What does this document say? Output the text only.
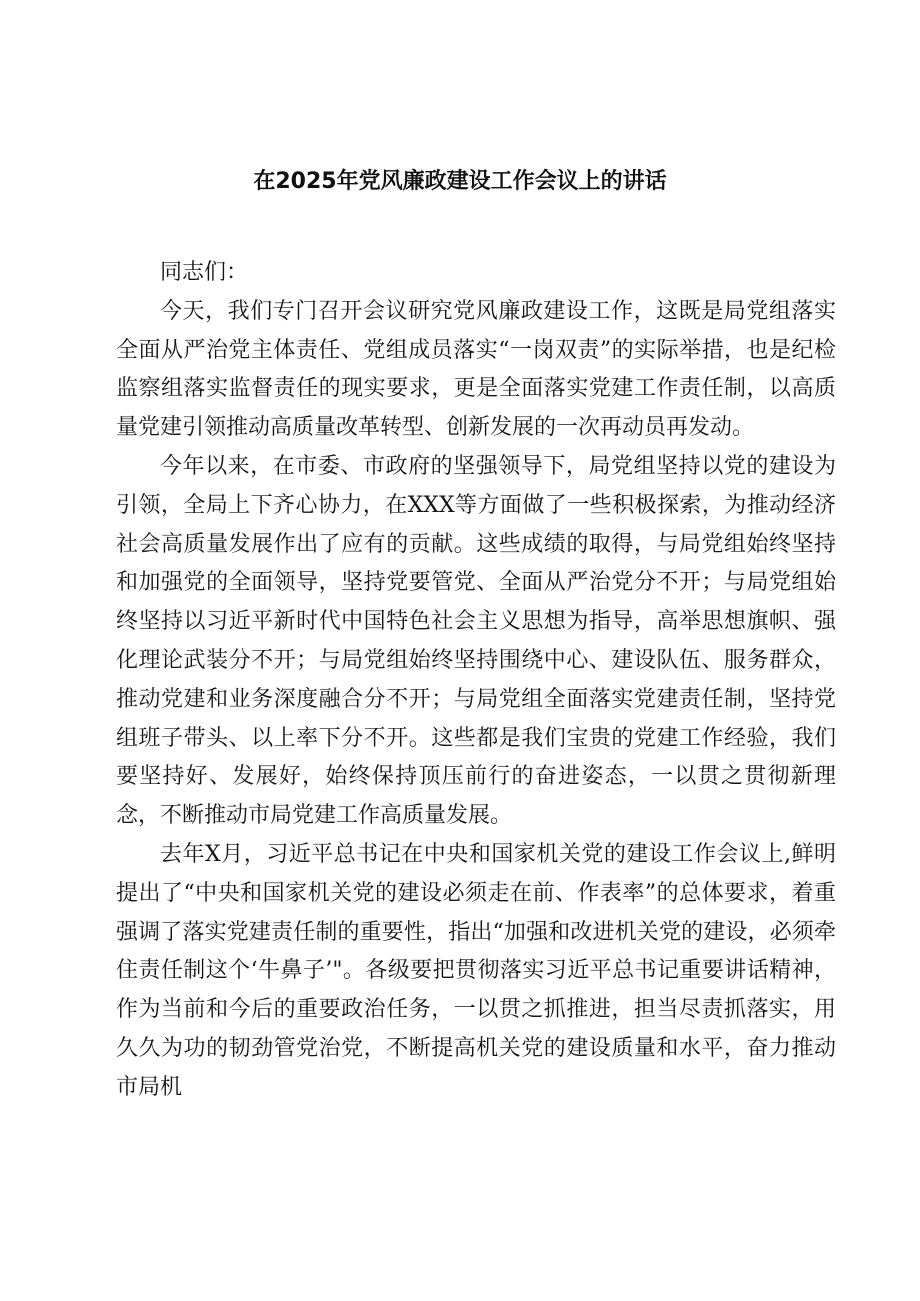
在2025年党风廉政建设工作会议上的讲话

同志们：

今天，我们专门召开会议研究党风廉政建设工作，这既是局党组落实全面从严治党主体责任、党组成员落实“一岗双责”的实际举措，也是纪检监察组落实监督责任的现实要求，更是全面落实党建工作责任制，以高质量党建引领推动高质量改革转型、创新发展的一次再动员再发动。

今年以来，在市委、市政府的坚强领导下，局党组坚持以党的建设为引领，全局上下齐心协力，在XXX等方面做了一些积极探索，为推动经济社会高质量发展作出了应有的贡献。这些成绩的取得，与局党组始终坚持和加强党的全面领导，坚持党要管党、全面从严治党分不开；与局党组始终坚持以习近平新时代中国特色社会主义思想为指导，高举思想旗帜、强化理论武装分不开；与局党组始终坚持围绕中心、建设队伍、服务群众，推动党建和业务深度融合分不开；与局党组全面落实党建责任制，坚持党组班子带头、以上率下分不开。这些都是我们宝贵的党建工作经验，我们要坚持好、发展好，始终保持顶压前行的奋进姿态，一以贯之贯彻新理念，不断推动市局党建工作高质量发展。

去年X月，习近平总书记在中央和国家机关党的建设工作会议上,鲜明提出了“中央和国家机关党的建设必须走在前、作表率”的总体要求，着重强调了落实党建责任制的重要性，指出“加强和改进机关党的建设，必须牵住责任制这个‘牛鼻子’"。各级要把贯彻落实习近平总书记重要讲话精神，作为当前和今后的重要政治任务，一以贯之抓推进，担当尽责抓落实，用久久为功的韧劲管党治党，不断提高机关党的建设质量和水平，奋力推动市局机
